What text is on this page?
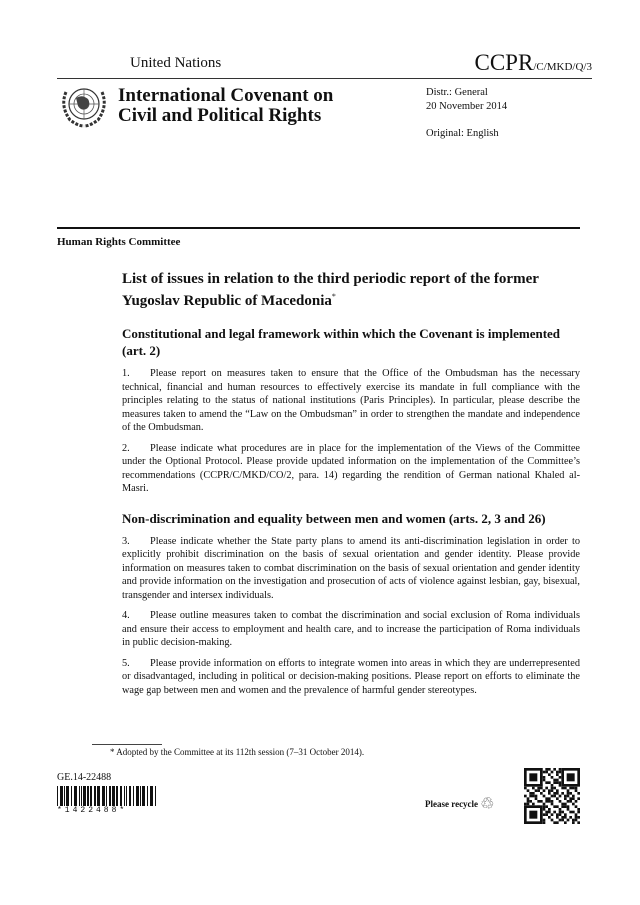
United Nations	CCPR/C/MKD/Q/3
International Covenant on
Civil and Political Rights
Distr.: General
20 November 2014
Original: English
Human Rights Committee
List of issues in relation to the third periodic report of the former Yugoslav Republic of Macedonia*
Constitutional and legal framework within which the Covenant is implemented (art. 2)

1. Please report on measures taken to ensure that the Office of the Ombudsman has the necessary technical, financial and human resources to effectively exercise its mandate in full compliance with the principles relating to the status of national institutions (Paris Principles). In particular, please describe the measures taken to amend the “Law on the Ombudsman” in order to strengthen the mandate and independence of the Ombudsman.

2. Please indicate what procedures are in place for the implementation of the Views of the Committee under the Optional Protocol. Please provide updated information on the implementation of the Committee’s recommendations (CCPR/C/MKD/CO/2, para. 14) regarding the rendition of German national Khaled al-Masri.

Non-discrimination and equality between men and women (arts. 2, 3 and 26)

3. Please indicate whether the State party plans to amend its anti-discrimination legislation in order to explicitly prohibit discrimination on the basis of sexual orientation and gender identity. Please provide information on measures taken to combat discrimination on the basis of sexual orientation and gender identity and provide information on the investigation and prosecution of acts of violence against lesbian, gay, bisexual, transgender and intersex individuals.

4. Please outline measures taken to combat the discrimination and social exclusion of Roma individuals and ensure their access to employment and health care, and to increase the participation of Roma individuals in public decision-making.

5. Please provide information on efforts to integrate women into areas in which they are underrepresented or disadvantaged, including in political or decision-making positions. Please report on efforts to eliminate the wage gap between men and women and the prevalence of harmful gender stereotypes.

* Adopted by the Committee at its 112th session (7–31 October 2014).
GE.14-22488
*1422488*
Please recycle ♲
